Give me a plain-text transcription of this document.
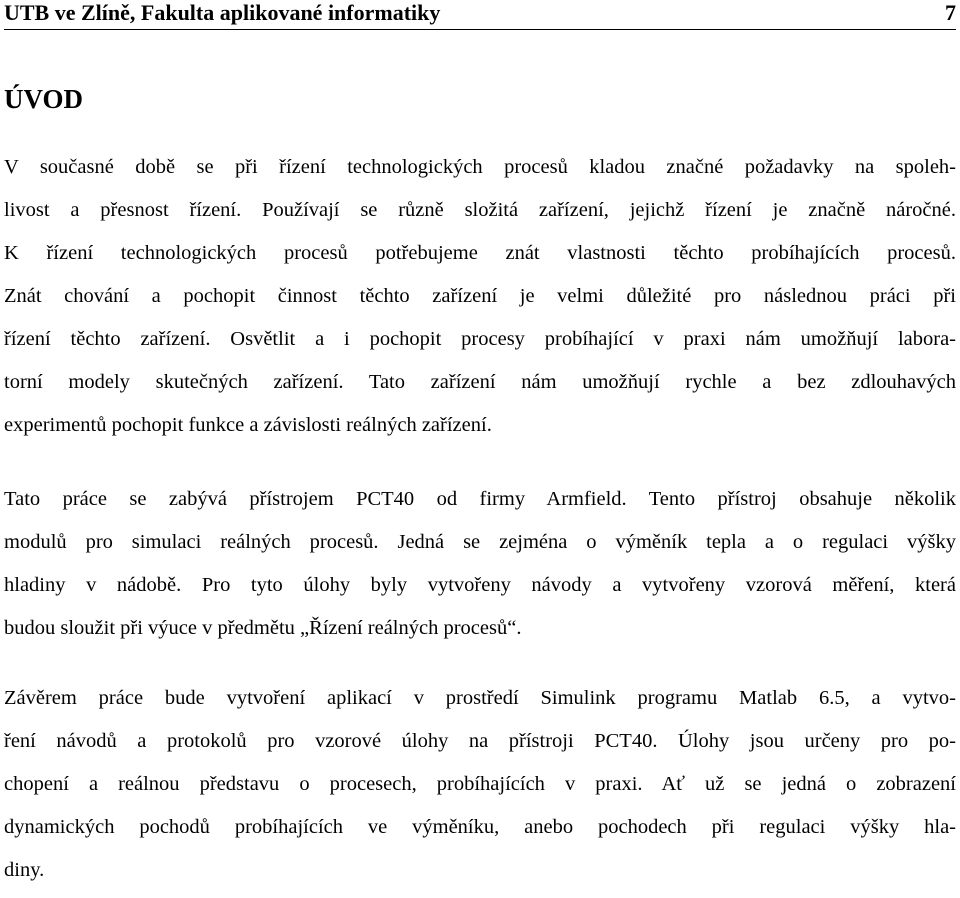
UTB ve Zlíně, Fakulta aplikované informatiky	7
ÚVOD
V současné době se při řízení technologických procesů kladou značné požadavky na spoleh-
livost a přesnost řízení. Používají se různě složitá zařízení, jejichž řízení je značně náročné.
K řízení technologických procesů potřebujeme znát vlastnosti těchto probíhajících procesů.
Znát chování a pochopit činnost těchto zařízení je velmi důležité pro následnou práci při
řízení těchto zařízení. Osvětlit a i pochopit procesy probíhající v praxi nám umožňují labora-
torní modely skutečných zařízení. Tato zařízení nám umožňují rychle a bez zdlouhavých
experimentů pochopit funkce a závislosti reálných zařízení.
Tato práce se zabývá přístrojem PCT40 od firmy Armfield. Tento přístroj obsahuje několik
modulů pro simulaci reálných procesů. Jedná se zejména o výměník tepla a o regulaci výšky
hladiny v nádobě. Pro tyto úlohy byly vytvořeny návody a vytvořeny vzorová měření, která
budou sloužit při výuce v předmětu „Řízení reálných procesů“.
Závěrem práce bude vytvoření aplikací v prostředí Simulink programu Matlab 6.5, a vytvo-
ření návodů a protokolů pro vzorové úlohy na přístroji PCT40. Úlohy jsou určeny pro po-
chopení a reálnou představu o procesech, probíhajících v praxi. Ať už se jedná o zobrazení
dynamických pochodů probíhajících ve výměníku, anebo pochodech při regulaci výšky hla-
diny.
